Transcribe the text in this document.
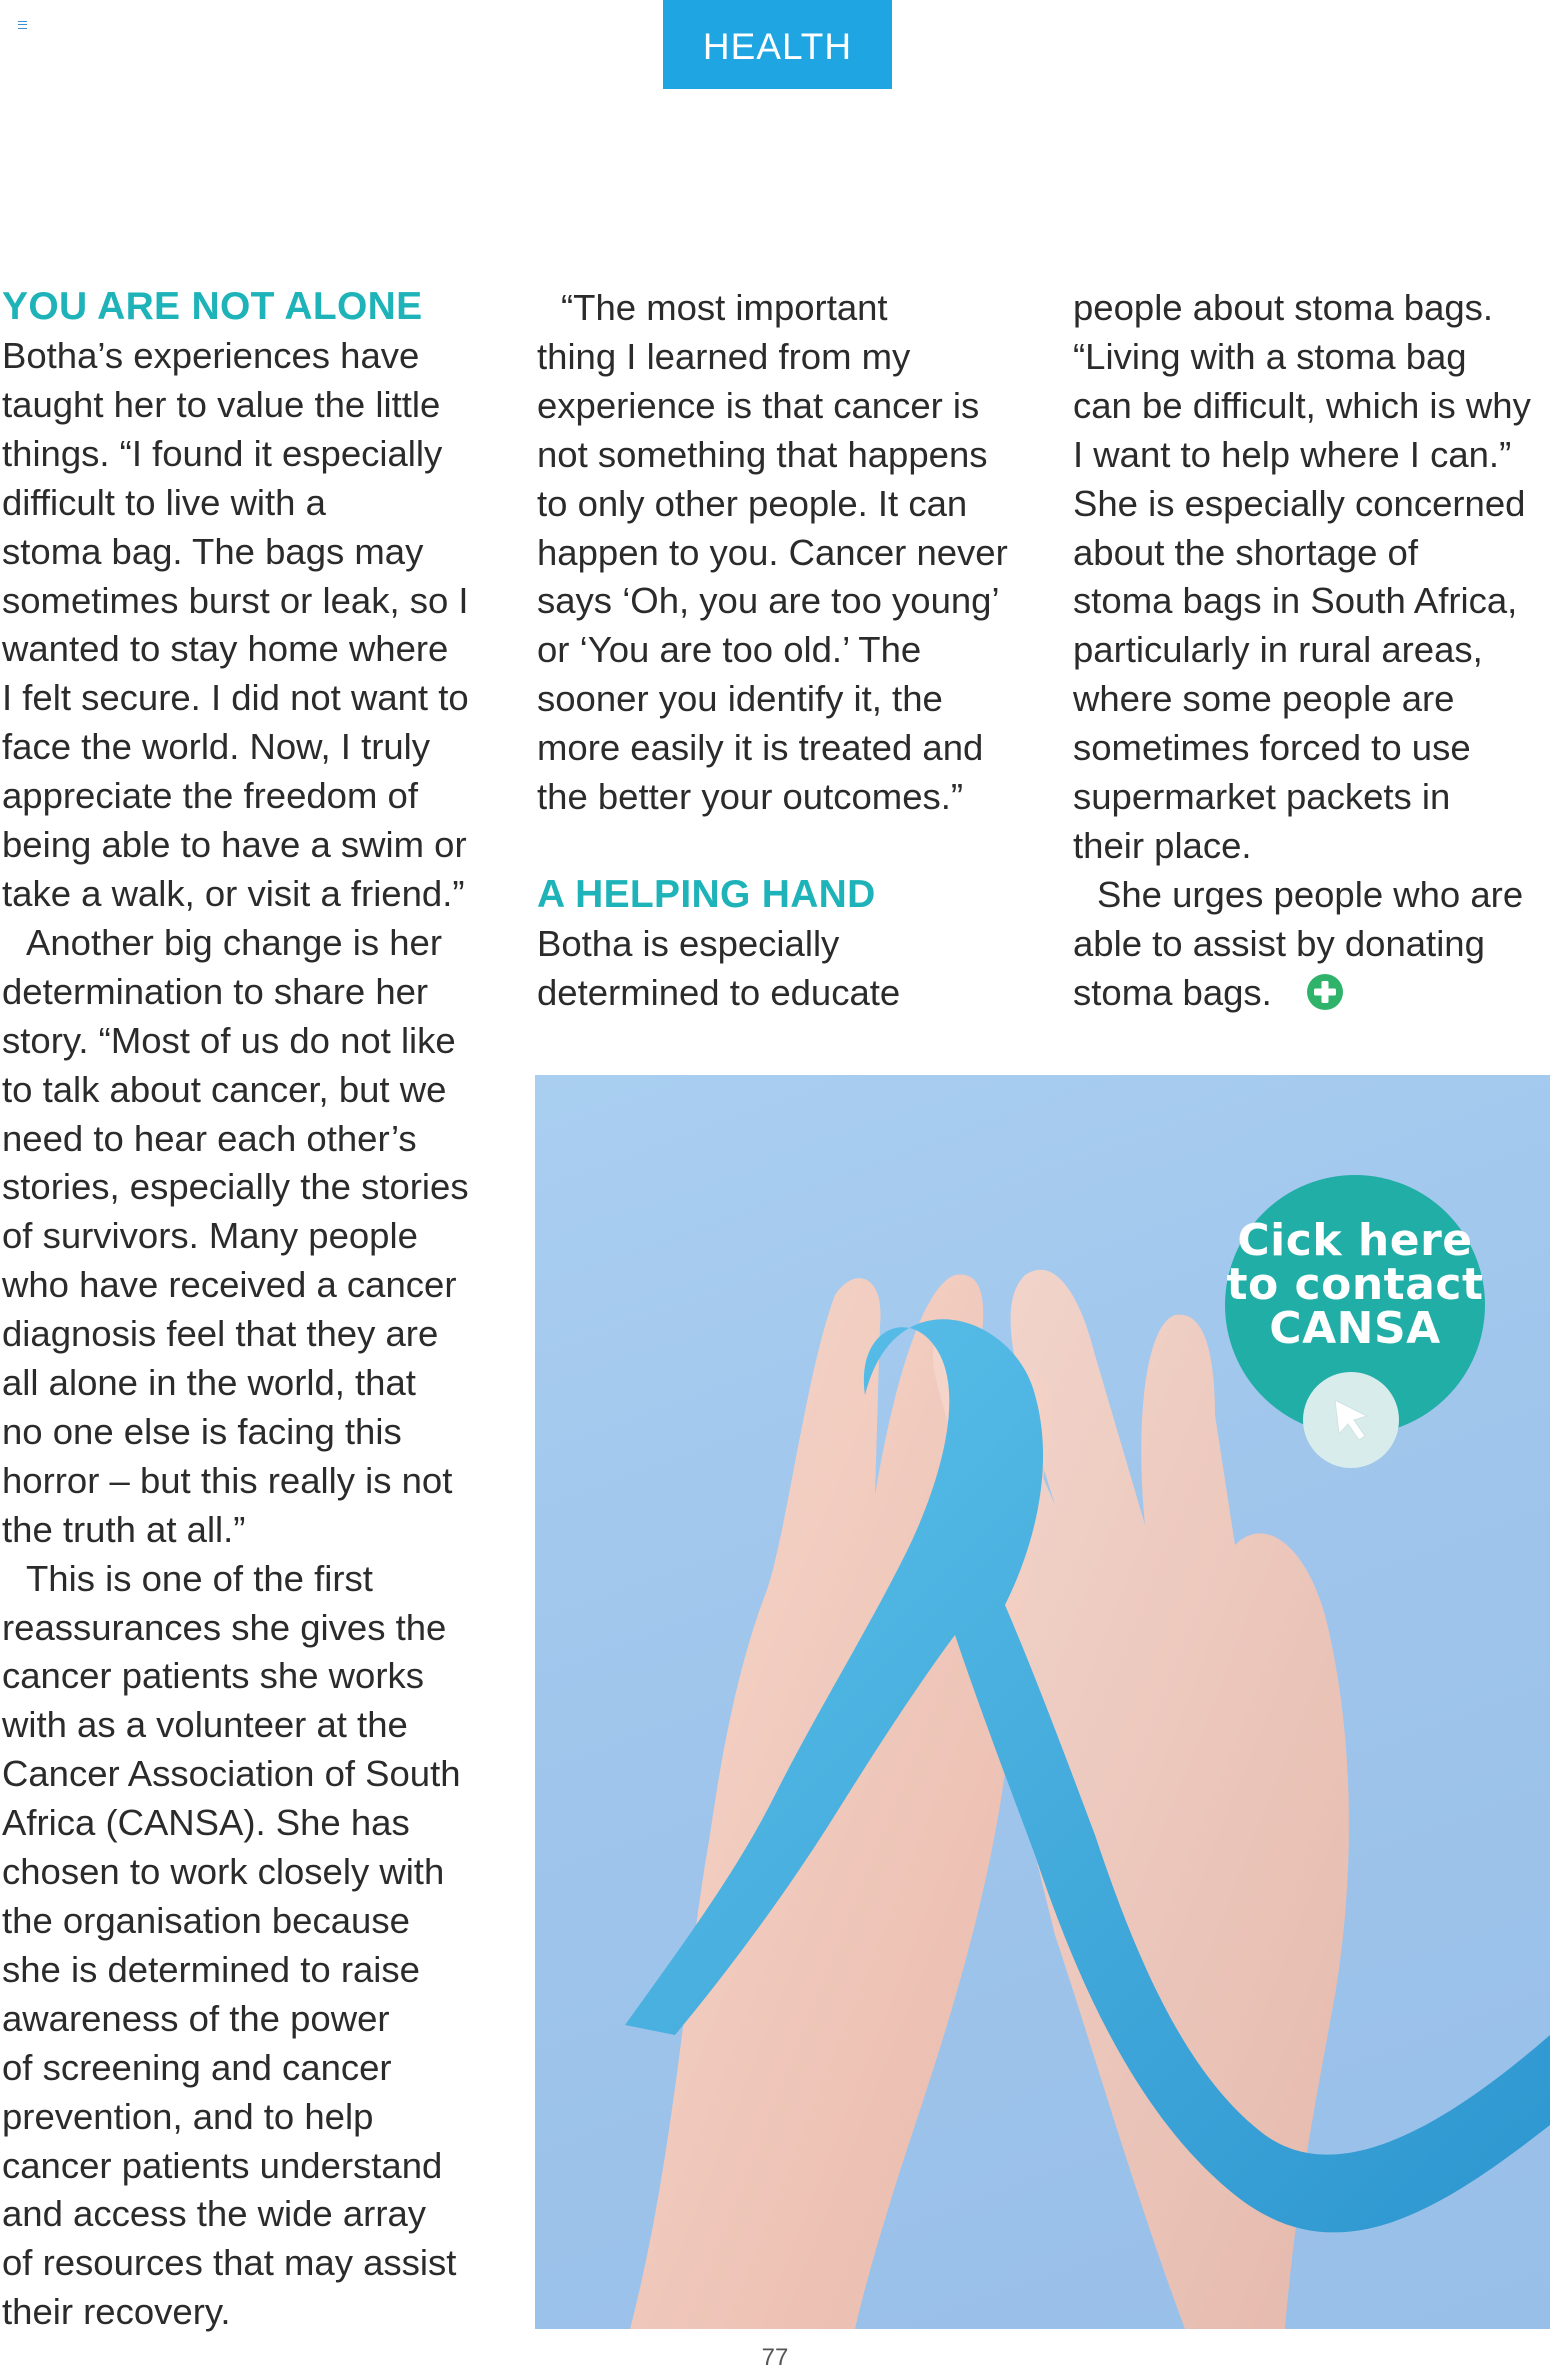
HEALTH
YOU ARE NOT ALONE

Botha’s experiences have
taught her to value the little
things. “I found it especially
difficult to live with a
stoma bag. The bags may
sometimes burst or leak, so I
wanted to stay home where
I felt secure. I did not want to
face the world. Now, I truly
appreciate the freedom of
being able to have a swim or
take a walk, or visit a friend.”

Another big change is her
determination to share her
story. “Most of us do not like
to talk about cancer, but we
need to hear each other’s
stories, especially the stories
of survivors. Many people
who have received a cancer
diagnosis feel that they are
all alone in the world, that
no one else is facing this
horror – but this really is not
the truth at all.”

This is one of the first
reassurances she gives the
cancer patients she works
with as a volunteer at the
Cancer Association of South
Africa (CANSA). She has
chosen to work closely with
the organisation because
she is determined to raise
awareness of the power
of screening and cancer
prevention, and to help
cancer patients understand
and access the wide array
of resources that may assist
their recovery.

“The most important
thing I learned from my
experience is that cancer is
not something that happens
to only other people. It can
happen to you. Cancer never
says ‘Oh, you are too young’
or ‘You are too old.’ The
sooner you identify it, the
more easily it is treated and
the better your outcomes.”

A HELPING HAND

Botha is especially
determined to educate

people about stoma bags.
“Living with a stoma bag
can be difficult, which is why
I want to help where I can.”

She is especially concerned
about the shortage of
stoma bags in South Africa,
particularly in rural areas,
where some people are
sometimes forced to use
supermarket packets in
their place.

She urges people who are
able to assist by donating
stoma bags.

Cick here
to contact
CANSA
77
